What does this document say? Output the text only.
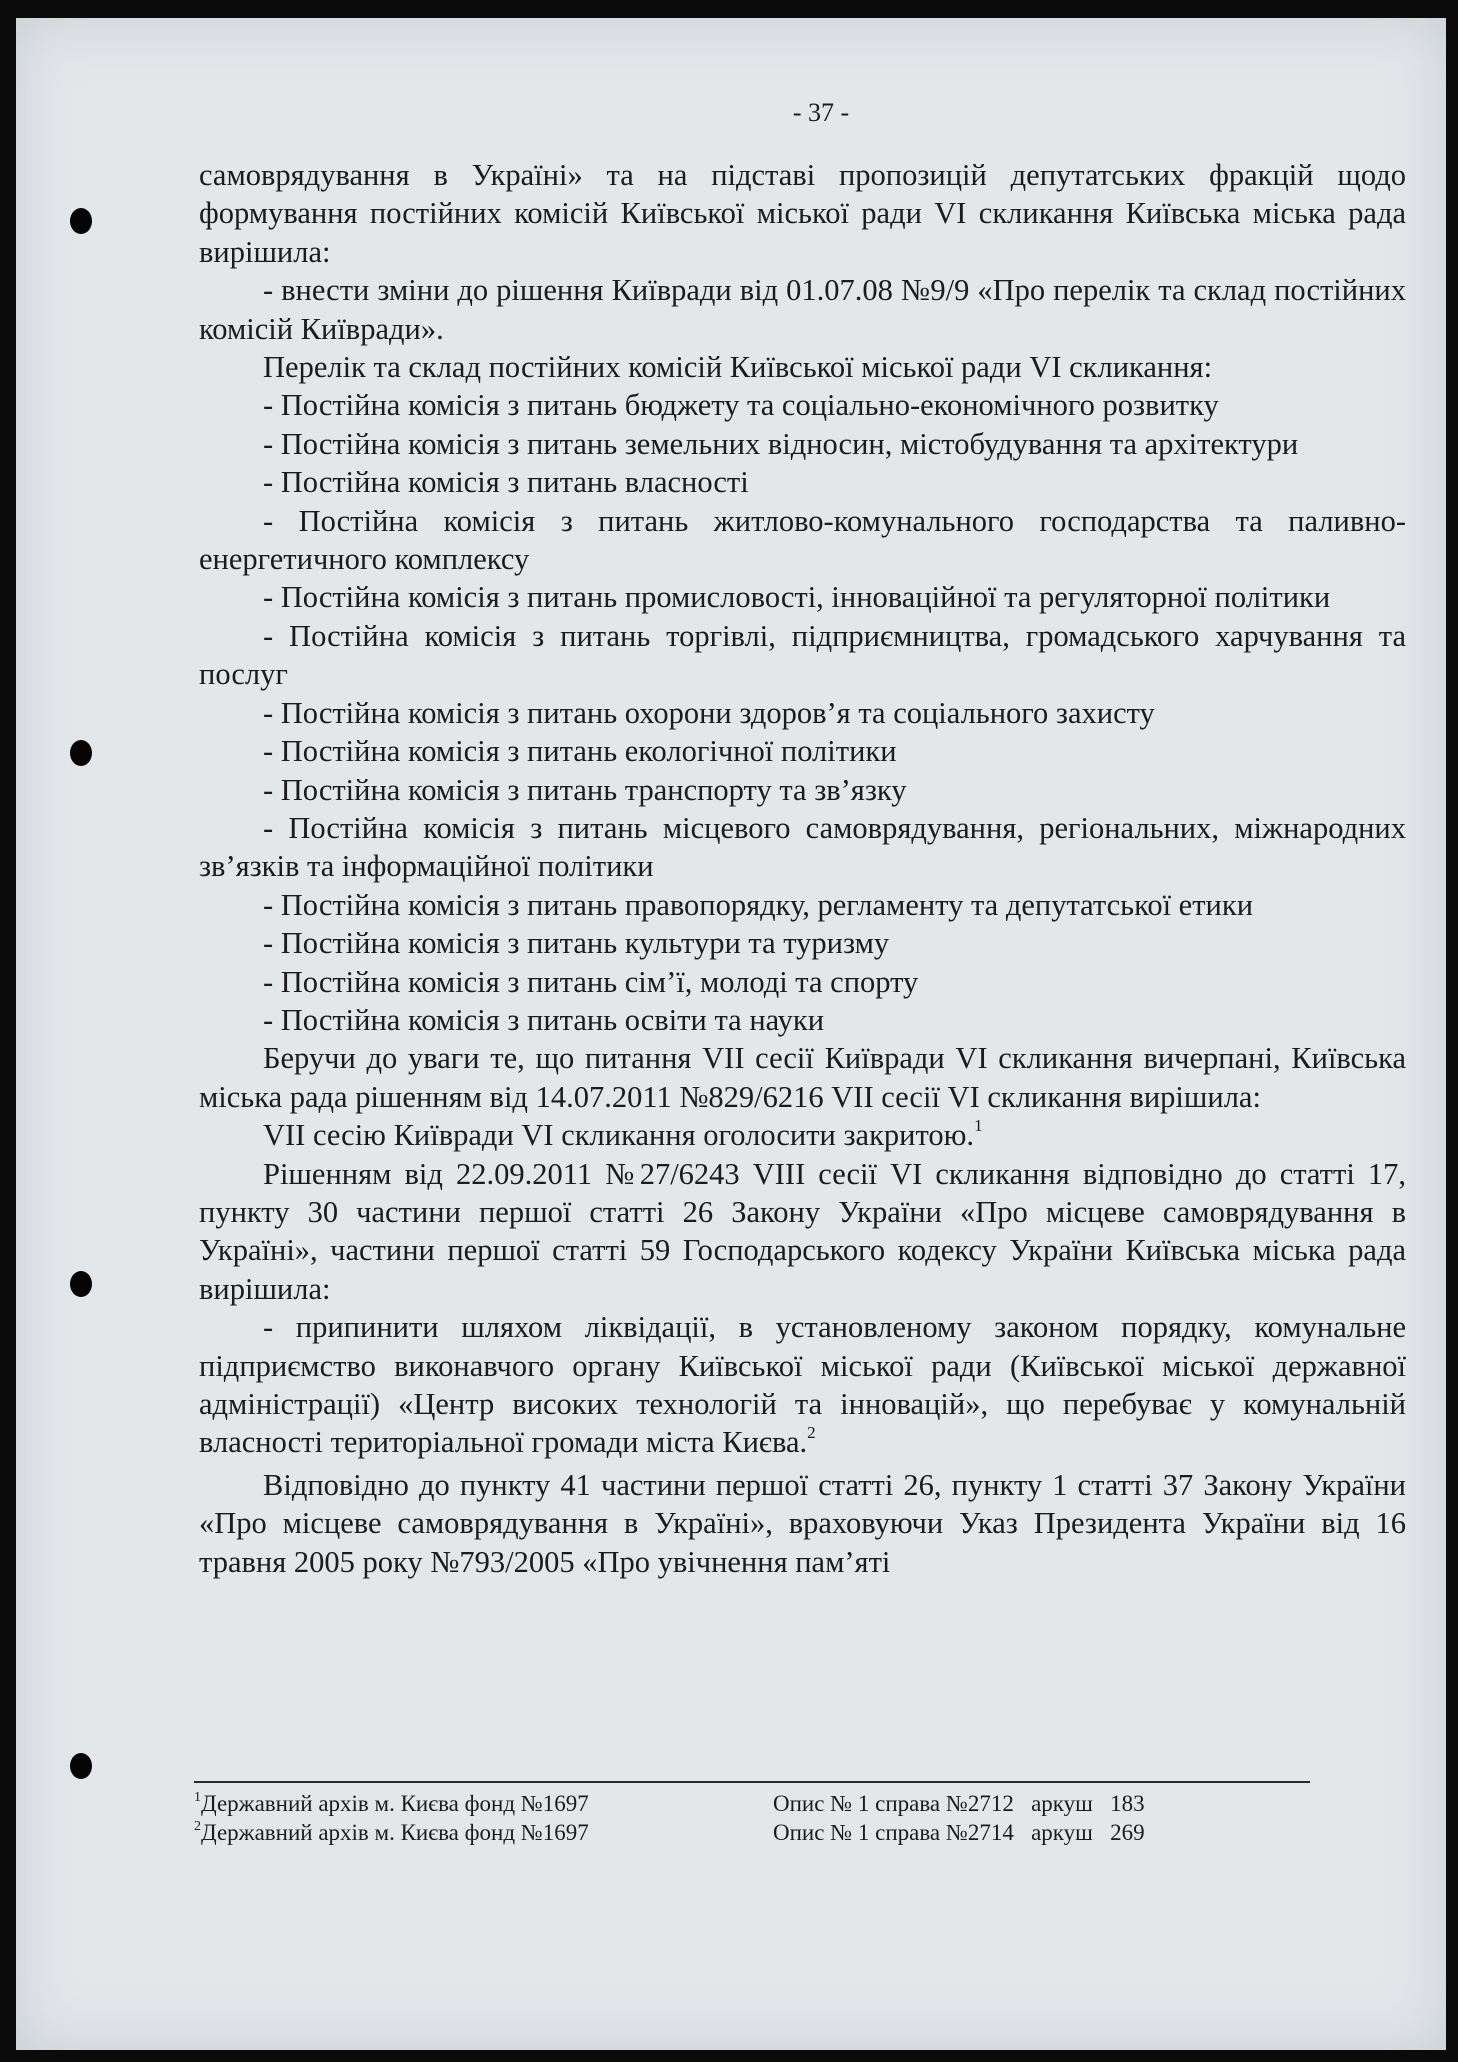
- 37 -

самоврядування в Україні» та на підставі пропозицій депутатських фракцій щодо формування постійних комісій Київської міської ради VI скликання Київська міська рада вирішила:

- внести зміни до рішення Київради від 01.07.08 №9/9 «Про перелік та склад постійних комісій Київради».

Перелік та склад постійних комісій Київської міської ради VI скликання:

- Постійна комісія з питань бюджету та соціально-економічного розвитку

- Постійна комісія з питань земельних відносин, містобудування та архітектури

- Постійна комісія з питань власності

- Постійна комісія з питань житлово-комунального господарства та паливно-енергетичного комплексу

- Постійна комісія з питань промисловості, інноваційної та регуляторної політики

- Постійна комісія з питань торгівлі, підприємництва, громадського харчування та послуг

- Постійна комісія з питань охорони здоров’я та соціального захисту

- Постійна комісія з питань екологічної політики

- Постійна комісія з питань транспорту та зв’язку

- Постійна комісія з питань місцевого самоврядування, регіональних, міжнародних зв’язків та інформаційної політики

- Постійна комісія з питань правопорядку, регламенту та депутатської етики

- Постійна комісія з питань культури та туризму

- Постійна комісія з питань сім’ї, молоді та спорту

- Постійна комісія з питань освіти та науки

Беручи до уваги те, що питання VII сесії Київради VI скликання вичерпані, Київська міська рада рішенням від 14.07.2011 №829/6216 VII сесії VI скликання вирішила:

VII сесію Київради VI скликання оголосити закритою.$^1$

Рішенням від 22.09.2011 №27/6243 VIII сесії VI скликання відповідно до статті 17, пункту 30 частини першої статті 26 Закону України «Про місцеве самоврядування в Україні», частини першої статті 59 Господарського кодексу України Київська міська рада вирішила:

- припинити шляхом ліквідації, в установленому законом порядку, комунальне підприємство виконавчого органу Київської міської ради (Київської міської державної адміністрації) «Центр високих технологій та інновацій», що перебуває у комунальній власності територіальної громади міста Києва.$^2$

Відповідно до пункту 41 частини першої статті 26, пункту 1 статті 37 Закону України «Про місцеве самоврядування в Україні», враховуючи Указ Президента України від 16 травня 2005 року №793/2005 «Про увічнення пам’яті

$^1$Державний архів м. Києва фонд №1697	Опис № 1 справа №2712   аркуш   183
$^2$Державний архів м. Києва фонд №1697	Опис № 1 справа №2714   аркуш   269
